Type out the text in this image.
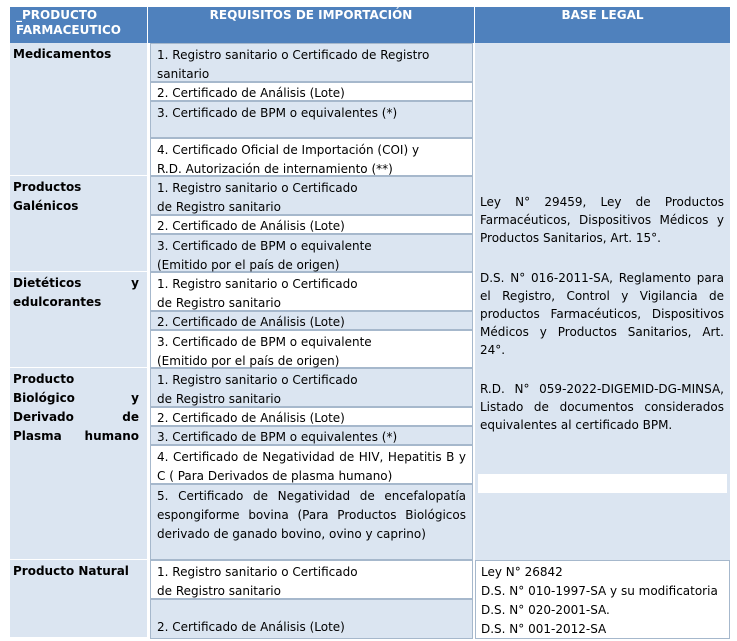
_PRODUCTO FARMACEUTICO
REQUISITOS DE IMPORTACIÓN	BASE LEGAL
Medicamentos
Productos Galénicos
Dietéticos y edulcorantes
Producto Biológico y Derivado de Plasma humano
Producto Natural
1. Registro sanitario o Certificado de Registro sanitario
2. Certificado de Análisis (Lote)
3. Certificado de BPM o equivalentes (*)
4. Certificado Oficial de Importación (COI) y R.D. Autorización de internamiento (**)
1. Registro sanitario o Certificado de Registro sanitario
2. Certificado de Análisis (Lote)
3. Certificado de BPM o equivalente (Emitido por el país de origen)
1. Registro sanitario o Certificado de Registro sanitario
2. Certificado de Análisis (Lote)
3. Certificado de BPM o equivalente (Emitido por el país de origen)
1. Registro sanitario o Certificado de Registro sanitario
2. Certificado de Análisis (Lote)
3. Certificado de BPM o equivalentes (*)
4. Certificado de Negatividad de HIV, Hepatitis B y C ( Para Derivados de plasma humano)
5. Certificado de Negatividad de encefalopatía espongiforme bovina (Para Productos Biológicos derivado de ganado bovino, ovino y caprino)
1. Registro sanitario o Certificado de Registro sanitario
2. Certificado de Análisis (Lote)

Ley N° 29459, Ley de Productos Farmacéuticos, Dispositivos Médicos y Productos Sanitarios, Art. 15°.

D.S. N° 016-2011-SA, Reglamento para el Registro, Control y Vigilancia de productos Farmacéuticos, Dispositivos Médicos y Productos Sanitarios, Art. 24°.

R.D. N° 059-2022-DIGEMID-DG-MINSA, Listado de documentos considerados equivalentes al certificado BPM.

Ley N° 26842
D.S. N° 010-1997-SA y su modificatoria
D.S. N° 020-2001-SA.
D.S. N° 001-2012-SA
